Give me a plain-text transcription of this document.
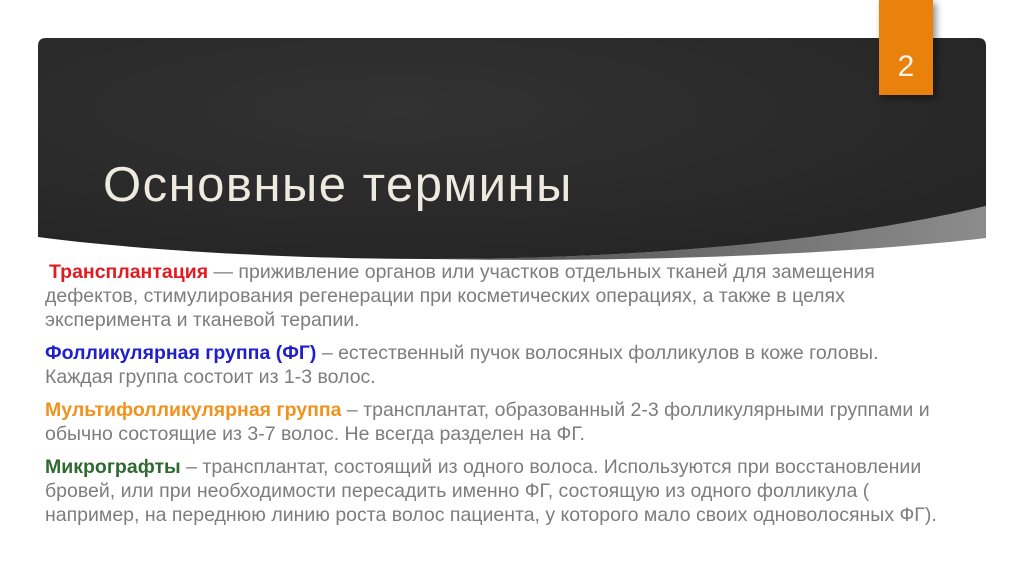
2
Основные термины

Трансплантация — приживление органов или участков отдельных тканей для замещения дефектов, стимулирования регенерации при косметических операциях, а также в целях эксперимента и тканевой терапии.

Фолликулярная группа (ФГ) – естественный пучок волосяных фолликулов в коже головы. Каждая группа состоит из 1-3 волос.

Мультифолликулярная группа – трансплантат, образованный 2-3 фолликулярными группами и обычно состоящие из 3-7 волос. Не всегда разделен на ФГ.

Микрографты – трансплантат, состоящий из одного волоса. Используются при восстановлении бровей, или при необходимости пересадить именно ФГ, состоящую из одного фолликула ( например, на переднюю линию роста волос пациента, у которого мало своих одноволосяных ФГ).
